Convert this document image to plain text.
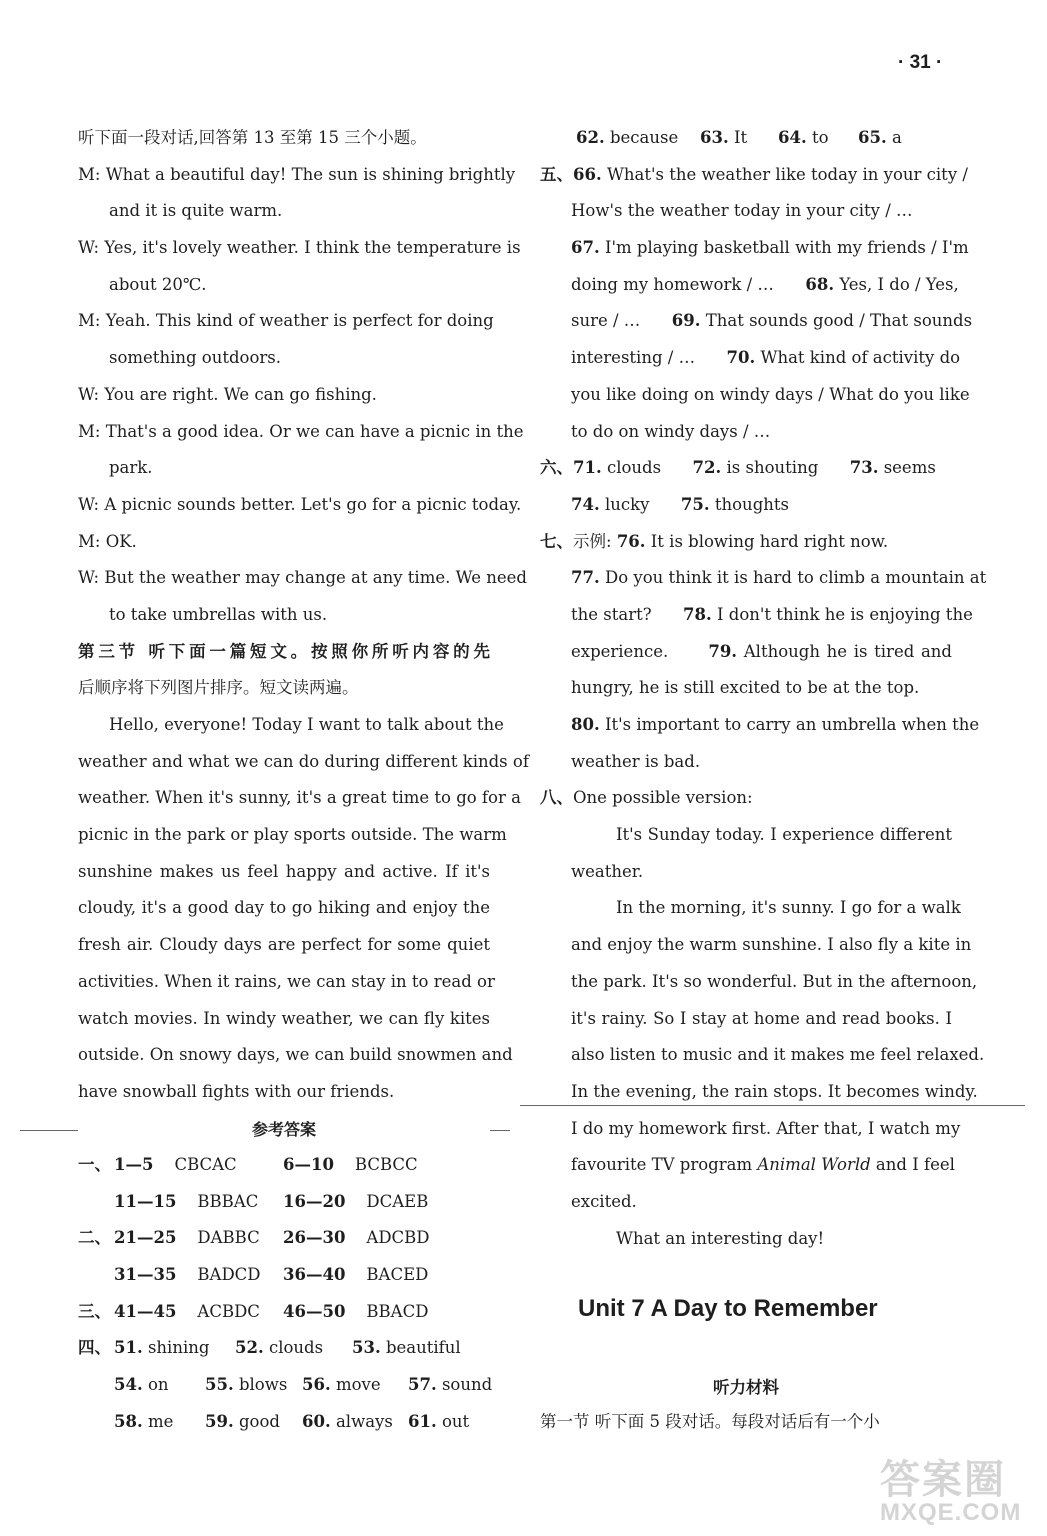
· 31 ·
听下面一段对话,回答第 13 至第 15 三个小题。
M: What a beautiful day! The sun is shining brightly
and it is quite warm.
W: Yes, it's lovely weather. I think the temperature is
about 20℃.
M: Yeah. This kind of weather is perfect for doing
something outdoors.
W: You are right. We can go fishing.
M: That's a good idea. Or we can have a picnic in the
park.
W: A picnic sounds better. Let's go for a picnic today.
M: OK.
W: But the weather may change at any time. We need
to take umbrellas with us.
第三节 听下面一篇短文。按照你所听内容的先
后顺序将下列图片排序。短文读两遍。
Hello, everyone! Today I want to talk about the
weather and what we can do during different kinds of
weather. When it's sunny, it's a great time to go for a
picnic in the park or play sports outside. The warm
sunshine makes us feel happy and active. If it's
cloudy, it's a good day to go hiking and enjoy the
fresh air. Cloudy days are perfect for some quiet
activities. When it rains, we can stay in to read or
watch movies. In windy weather, we can fly kites
outside. On snowy days, we can build snowmen and
have snowball fights with our friends.
参考答案
一、 1—5    CBCAC	6—10    BCBCC
11—15    BBBAC 16—20    DCAEB
二、 21—25    DABBC 26—30    ADCBD
31—35    BADCD 36—40    BACED
三、 41—45    ACBDC 46—50    BBACD
四、 51. shining 52. clouds 53. beautiful
54. on 55. blows 56. move 57. sound
58. me 59. good 60. always 61. out
62. because 63. It 64. to 65. a
五、66. What's the weather like today in your city /
How's the weather today in your city / …
67. I'm playing basketball with my friends / I'm
doing my homework / …      68. Yes, I do / Yes,
sure / …      69. That sounds good / That sounds
interesting / …      70. What kind of activity do
you like doing on windy days / What do you like
to do on windy days / …
六、71. clouds      72. is shouting      73. seems
74. lucky      75. thoughts
七、示例: 76. It is blowing hard right now.
77. Do you think it is hard to climb a mountain at
the start?      78. I don't think he is enjoying the
experience.      79. Although he is tired and
hungry, he is still excited to be at the top.
80. It's important to carry an umbrella when the
weather is bad.
八、One possible version:
It's Sunday today. I experience different
weather.
In the morning, it's sunny. I go for a walk
and enjoy the warm sunshine. I also fly a kite in
the park. It's so wonderful. But in the afternoon,
it's rainy. So I stay at home and read books. I
also listen to music and it makes me feel relaxed.
In the evening, the rain stops. It becomes windy.
I do my homework first. After that, I watch my
favourite TV program Animal World and I feel
excited.
What an interesting day!
Unit 7 A Day to Remember
听力材料
第一节 听下面 5 段对话。每段对话后有一个小
答案圈
MXQE.COM
